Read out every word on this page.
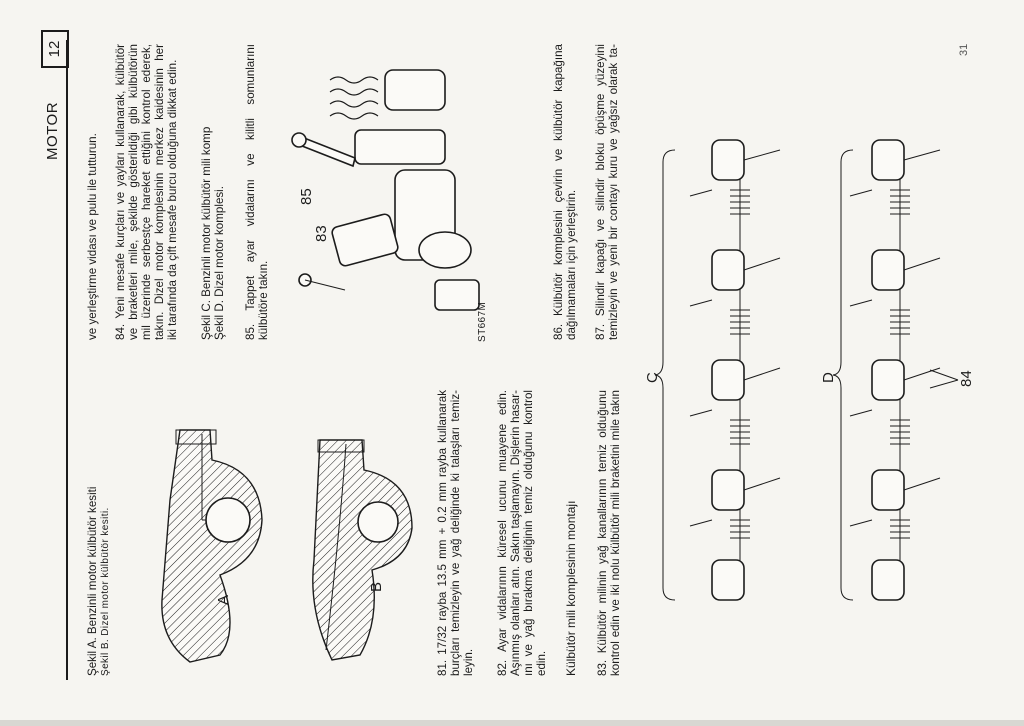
12
MOTOR
31
Şekil A. Benzinli motor külbütör kesiti Şekil B. Dizel motor külbütör kesiti.	81. 17/32 rayba 13.5 mm + 0.2 mm rayba kullanarak burçları temizleyin ve yağ deliğinde ki talaşları temiz- leyin. 82. Ayar vidalarının küresel ucunu muayene edin. Aşınmış olanları atın. Sakın taşlamayın. Dişlerin hasar- ını ve yağ bırakma deliğinin temiz olduğunu kontrol edin. Külbütör mili komplesinin montajı 83. Külbütör milinin yağ kanallarının temiz olduğunu kontrol edin ve iki nolu külbütör mili braketini mile takın
ve yerleştirme vidası ve pulu ile tutturun. 84. Yeni mesafe kurçları ve yayları kullanarak, külbütör ve braketleri mile, şekilde gösterildiği gibi külbütörün mil üzerinde serbestçe hareket ettiğini kontrol ederek, takın. Dizel motor komplesinin merkez kaidesinin her iki tarafında da çift mesafe burcu olduğuna dikkat edin. Şekil C. Benzinli motor külbütör mili komp Şekil D. Dizel motor komplesi. 85. Tappet ayar vidalarını ve kilitli somunlarını külbütöre takın.	86. Külbütör komplesini çevirin ve külbütör kapağına dağılmamaları için yerleştirin. 87. Silindir kapağı ve silindir bloku öpüşme yüzeyini temizleyin ve yeni bir contayı kuru ve yağsız olarak ta-
A
B
83
85
ST667M
C	D	84
